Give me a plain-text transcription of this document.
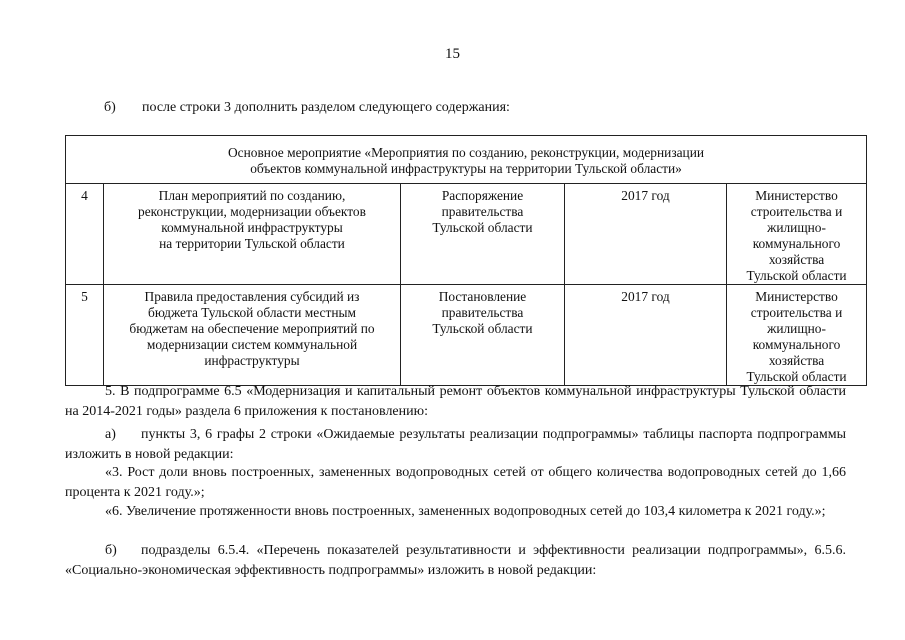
15
б) после строки 3 дополнить разделом следующего содержания:
Основное мероприятие «Мероприятия по созданию, реконструкции, модернизации
объектов коммунальной инфраструктуры на территории Тульской области»				
4	План мероприятий по созданию,
реконструкции, модернизации объектов
коммунальной инфраструктуры
на территории Тульской области	Распоряжение
правительства
Тульской области	2017 год	Министерство
строительства и жилищно-
коммунального хозяйства
Тульской области
5	Правила предоставления субсидий из
бюджета Тульской области местным
бюджетам на обеспечение мероприятий по
модернизации систем коммунальной
инфраструктуры	Постановление
правительства
Тульской области	2017 год	Министерство
строительства и жилищно-
коммунального хозяйства
Тульской области
5. В подпрограмме 6.5 «Модернизация и капитальный ремонт объектов коммунальной инфраструктуры Тульской области на 2014-2021 годы» раздела 6 приложения к постановлению:
а) пункты 3, 6 графы 2 строки «Ожидаемые результаты реализации подпрограммы» таблицы паспорта подпрограммы изложить в новой редакции:
«3. Рост доли вновь построенных, замененных водопроводных сетей от общего количества водопроводных сетей до 1,66 процента к 2021 году.»;
«6. Увеличение протяженности вновь построенных, замененных водопроводных сетей до 103,4 километра к 2021 году.»;
б) подразделы 6.5.4. «Перечень показателей результативности и эффективности реализации подпрограммы», 6.5.6. «Социально-экономическая эффективность подпрограммы» изложить в новой редакции:
